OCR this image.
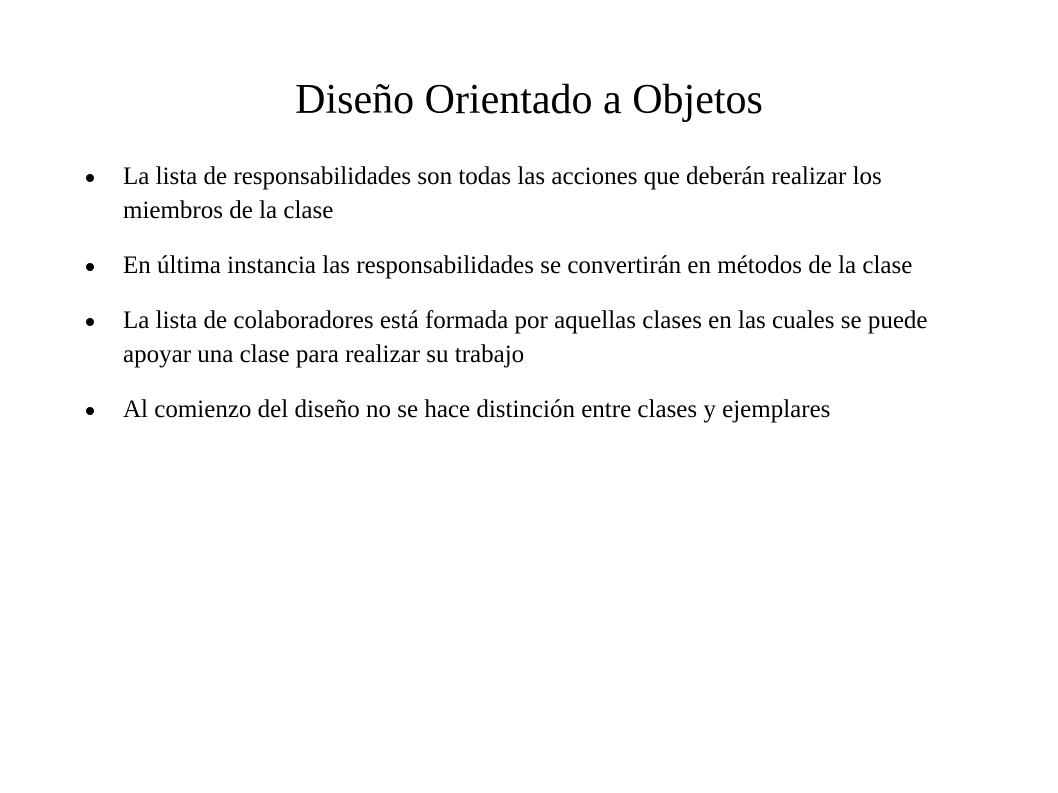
Diseño Orientado a Objetos
La lista de responsabilidades son todas las acciones que deberán realizar los miembros de la clase
En última instancia las responsabilidades se convertirán en métodos de la clase
La lista de colaboradores está formada por aquellas clases en las cuales se puede apoyar una clase para realizar su trabajo
Al comienzo del diseño no se hace distinción entre clases y ejemplares
